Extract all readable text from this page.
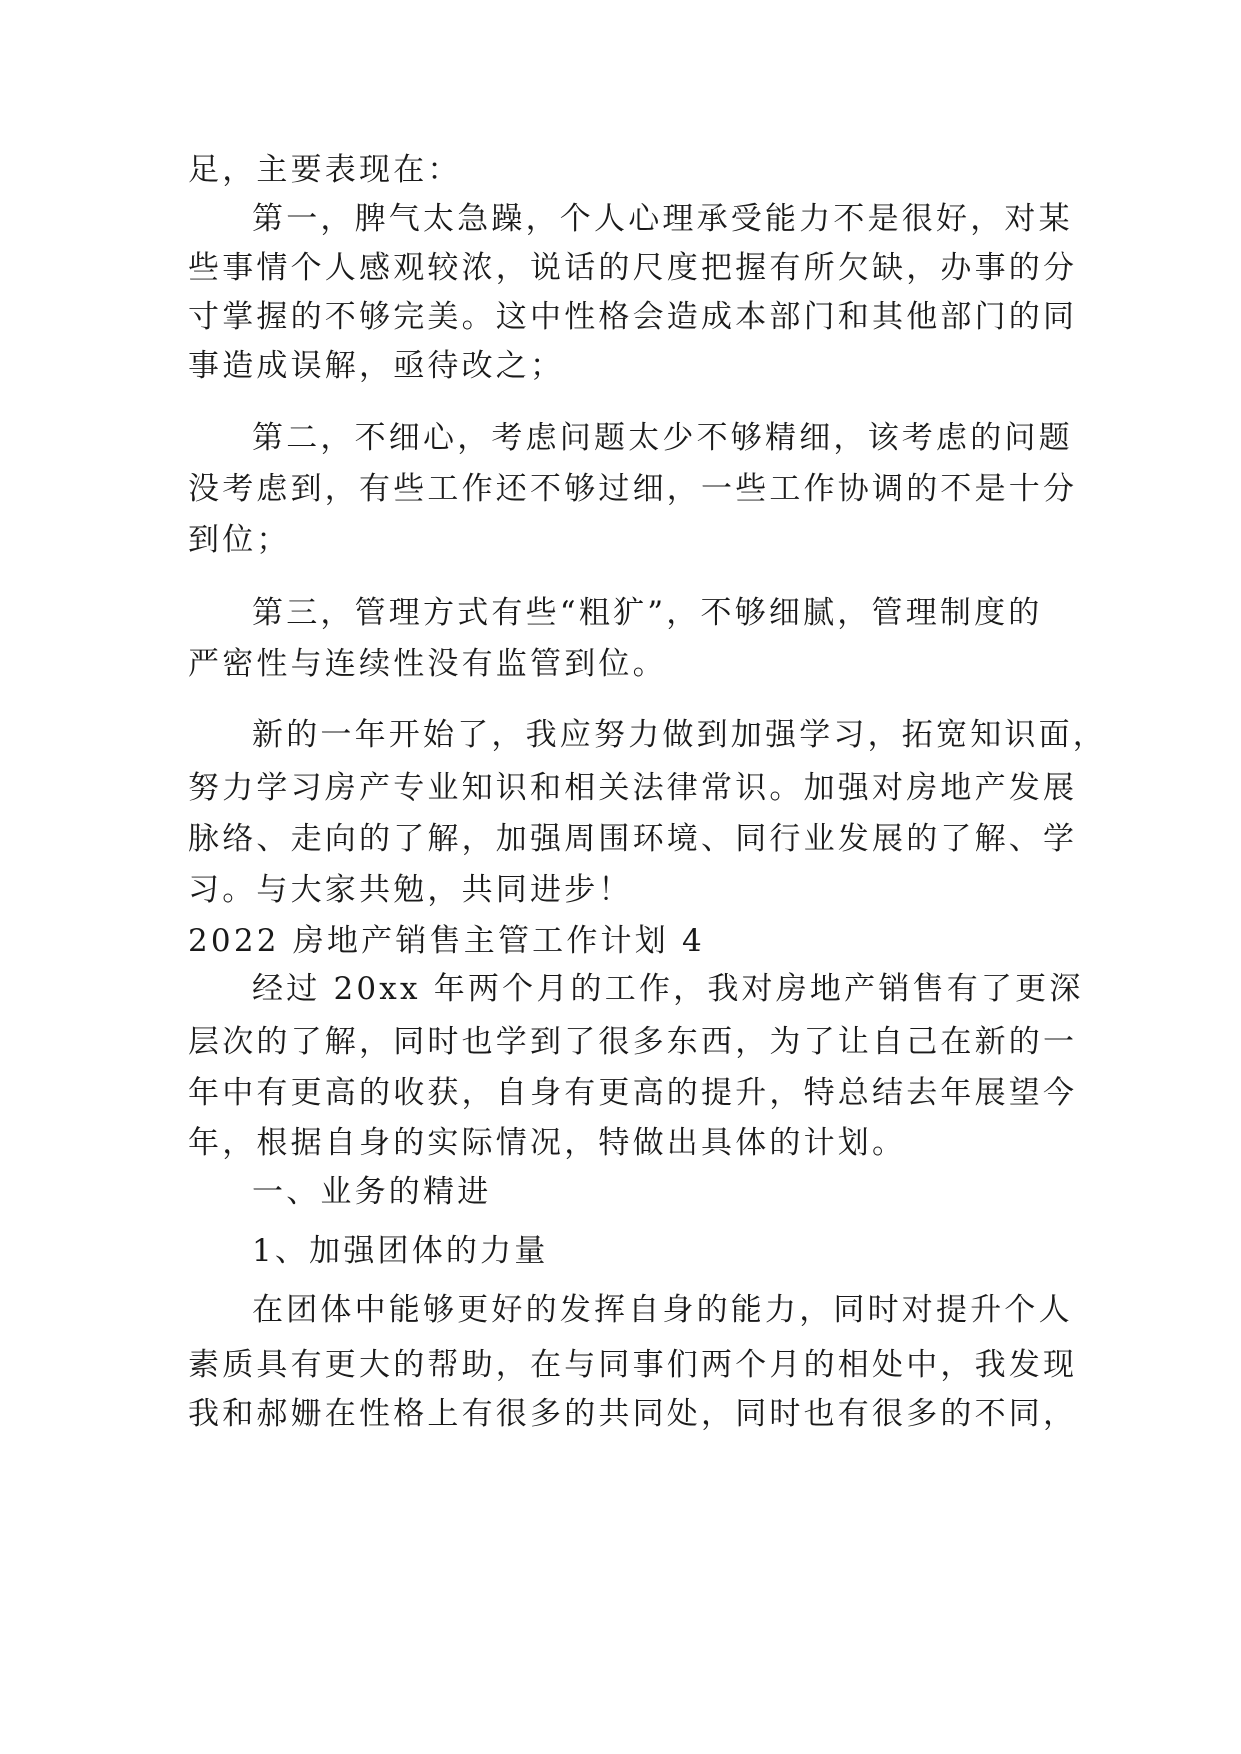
足，主要表现在：
第一，脾气太急躁，个人心理承受能力不是很好，对某
些事情个人感观较浓，说话的尺度把握有所欠缺，办事的分
寸掌握的不够完美。这中性格会造成本部门和其他部门的同
事造成误解，亟待改之；
第二，不细心，考虑问题太少不够精细，该考虑的问题
没考虑到，有些工作还不够过细，一些工作协调的不是十分
到位；
第三，管理方式有些“粗犷”，不够细腻，管理制度的
严密性与连续性没有监管到位。
新的一年开始了，我应努力做到加强学习，拓宽知识面，
努力学习房产专业知识和相关法律常识。加强对房地产发展
脉络、走向的了解，加强周围环境、同行业发展的了解、学
习。与大家共勉，共同进步！
2022 房地产销售主管工作计划 4
经过 20xx 年两个月的工作，我对房地产销售有了更深
层次的了解，同时也学到了很多东西，为了让自己在新的一
年中有更高的收获，自身有更高的提升，特总结去年展望今
年，根据自身的实际情况，特做出具体的计划。
一、业务的精进
1、加强团体的力量
在团体中能够更好的发挥自身的能力，同时对提升个人
素质具有更大的帮助，在与同事们两个月的相处中，我发现
我和郝姗在性格上有很多的共同处，同时也有很多的不同，
